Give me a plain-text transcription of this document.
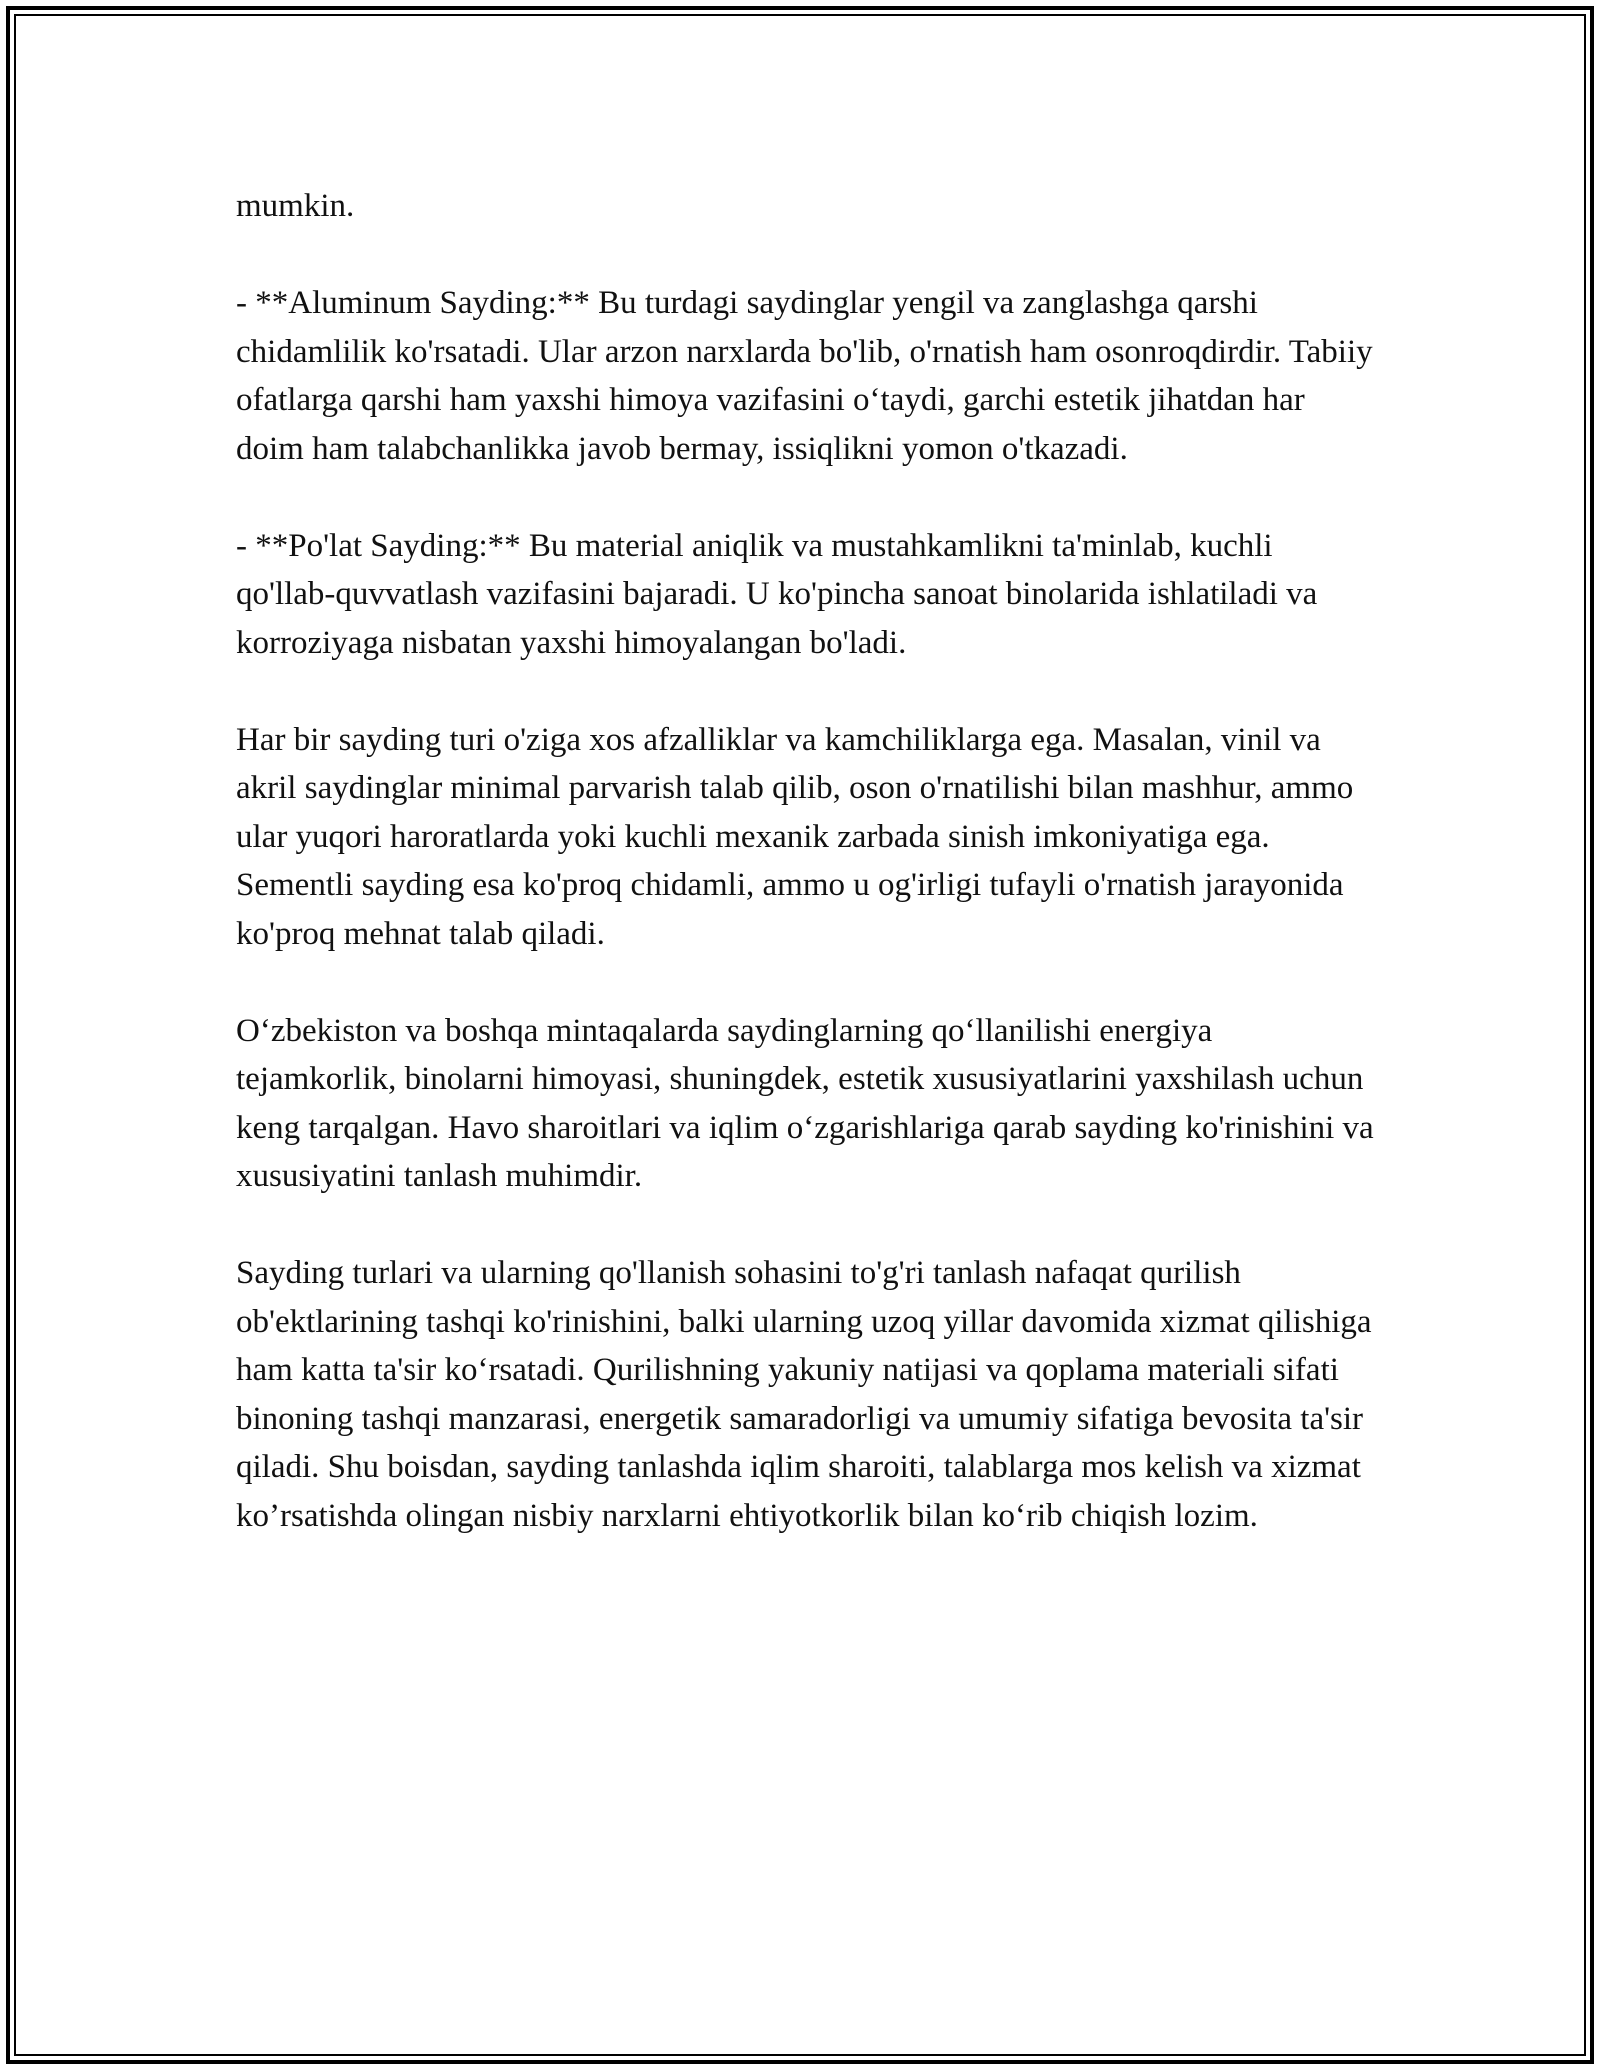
mumkin.

- **Aluminum Sayding:** Bu turdagi saydinglar yengil va zanglashga qarshi chidamlilik ko'rsatadi. Ular arzon narxlarda bo'lib, o'rnatish ham osonroqdirdir. Tabiiy ofatlarga qarshi ham yaxshi himoya vazifasini o‘taydi, garchi estetik jihatdan har doim ham talabchanlikka javob bermay, issiqlikni yomon o'tkazadi.

- **Po'lat Sayding:** Bu material aniqlik va mustahkamlikni ta'minlab, kuchli qo'llab-quvvatlash vazifasini bajaradi. U ko'pincha sanoat binolarida ishlatiladi va korroziyaga nisbatan yaxshi himoyalangan bo'ladi.

Har bir sayding turi o'ziga xos afzalliklar va kamchiliklarga ega. Masalan, vinil va akril saydinglar minimal parvarish talab qilib, oson o'rnatilishi bilan mashhur, ammo ular yuqori haroratlarda yoki kuchli mexanik zarbada sinish imkoniyatiga ega. Sementli sayding esa ko'proq chidamli, ammo u og'irligi tufayli o'rnatish jarayonida ko'proq mehnat talab qiladi.

O‘zbekiston va boshqa mintaqalarda saydinglarning qo‘llanilishi energiya tejamkorlik, binolarni himoyasi, shuningdek, estetik xususiyatlarini yaxshilash uchun keng tarqalgan. Havo sharoitlari va iqlim o‘zgarishlariga qarab sayding ko'rinishini va xususiyatini tanlash muhimdir.

Sayding turlari va ularning qo'llanish sohasini to'g'ri tanlash nafaqat qurilish ob'ektlarining tashqi ko'rinishini, balki ularning uzoq yillar davomida xizmat qilishiga ham katta ta'sir ko‘rsatadi. Qurilishning yakuniy natijasi va qoplama materiali sifati binoning tashqi manzarasi, energetik samaradorligi va umumiy sifatiga bevosita ta'sir qiladi. Shu boisdan, sayding tanlashda iqlim sharoiti, talablarga mos kelish va xizmat ko’rsatishda olingan nisbiy narxlarni ehtiyotkorlik bilan ko‘rib chiqish lozim.
